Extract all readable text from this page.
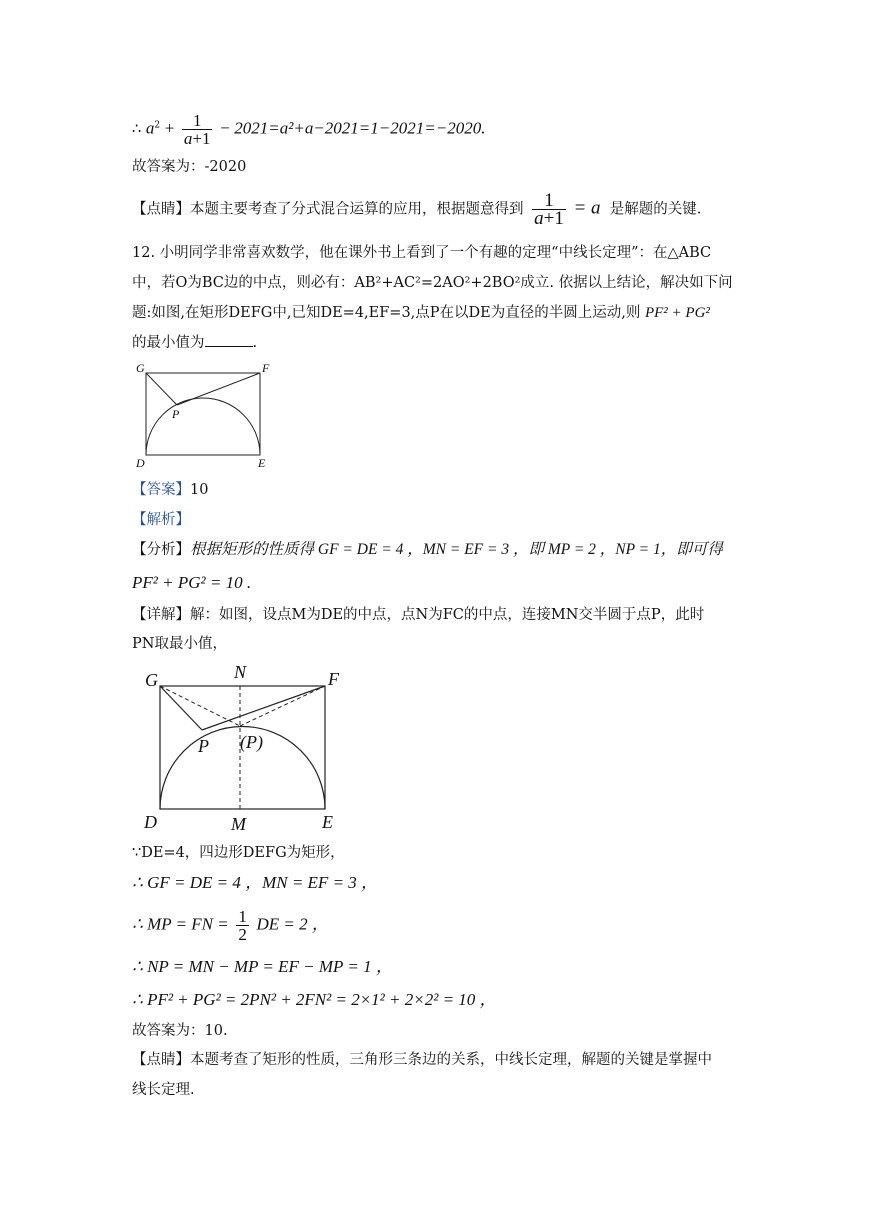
∴ $a^2 + \frac{1}{a+1} - 2021=a^2+a-2021=1-2021=-2020$.
故答案为：-2020
【点睛】本题主要考查了分式混合运算的应用，根据题意得到 $\frac{1}{a+1} = a$ 是解题的关键.
12. 小明同学非常喜欢数学，他在课外书上看到了一个有趣的定理“中线长定理”：在△ABC
中，若O为BC边的中点，则必有：AB²+AC²=2AO²+2BO²成立. 依据以上结论，解决如下问
题:如图,在矩形DEFG中,已知DE=4,EF=3,点P在以DE为直径的半圆上运动,则 PF² + PG²
的最小值为	.
G	F
P
D	E
【答案】10
【解析】
【分析】根据矩形的性质得 GF = DE = 4 ，MN = EF = 3 ，即 MP = 2 ，NP = 1，即可得
PF² + PG² = 10 .
【详解】解：如图，设点M为DE的中点，点N为FC的中点，连接MN交半圆于点P，此时
PN取最小值，
G	N	F
P (P)
D	M	E
∵DE=4，四边形DEFG为矩形，
∴ GF = DE = 4 ，MN = EF = 3 ，
∴ MP = FN = $\frac{1}{2}$ DE = 2 ，
∴ NP = MN − MP = EF − MP = 1 ，
∴ PF² + PG² = 2PN² + 2FN² = 2×1² + 2×2² = 10 ，
故答案为：10.
【点睛】本题考查了矩形的性质，三角形三条边的关系，中线长定理，解题的关键是掌握中
线长定理.
